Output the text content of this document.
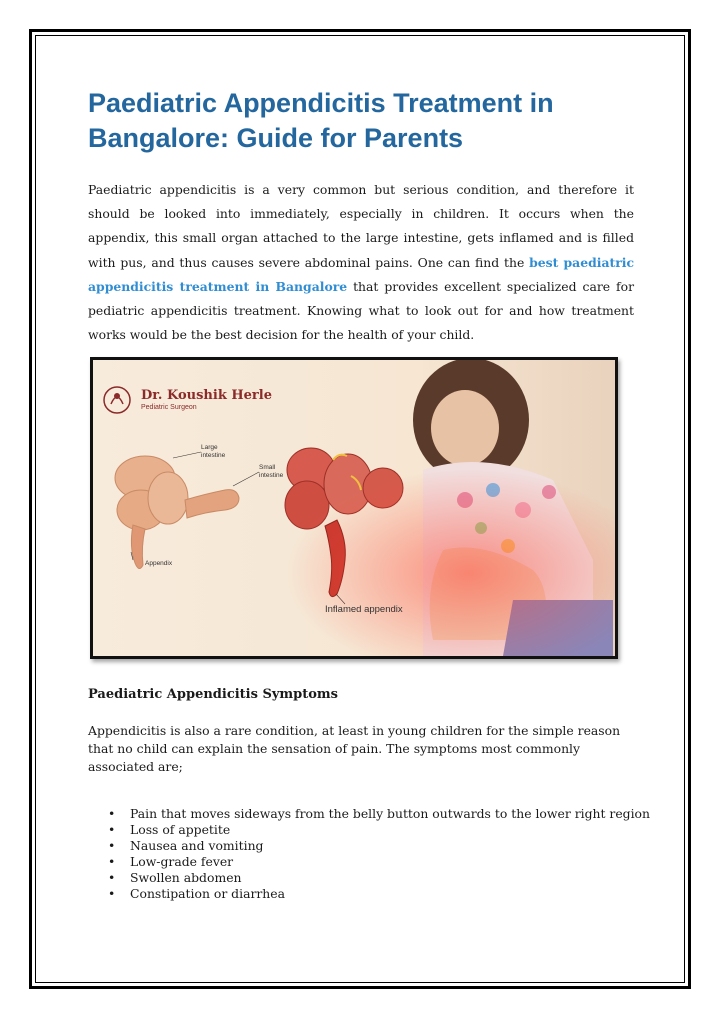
Paediatric Appendicitis Treatment in Bangalore: Guide for Parents

Paediatric appendicitis is a very common but serious condition, and therefore it should be looked into immediately, especially in children. It occurs when the appendix, this small organ attached to the large intestine, gets inflamed and is filled with pus, and thus causes severe abdominal pains. One can find the best paediatric appendicitis treatment in Bangalore that provides excellent specialized care for pediatric appendicitis treatment. Knowing what to look out for and how treatment works would be the best decision for the health of your child.

Dr. Koushik Herle
Pediatric Surgeon
Large intestine
Small intestine
Appendix
Inflamed appendix
Paediatric Appendicitis Symptoms

Appendicitis is also a rare condition, at least in young children for the simple reason that no child can explain the sensation of pain. The symptoms most commonly associated are;

• Pain that moves sideways from the belly button outwards to the lower right region
• Loss of appetite
• Nausea and vomiting
• Low-grade fever
• Swollen abdomen
• Constipation or diarrhea
